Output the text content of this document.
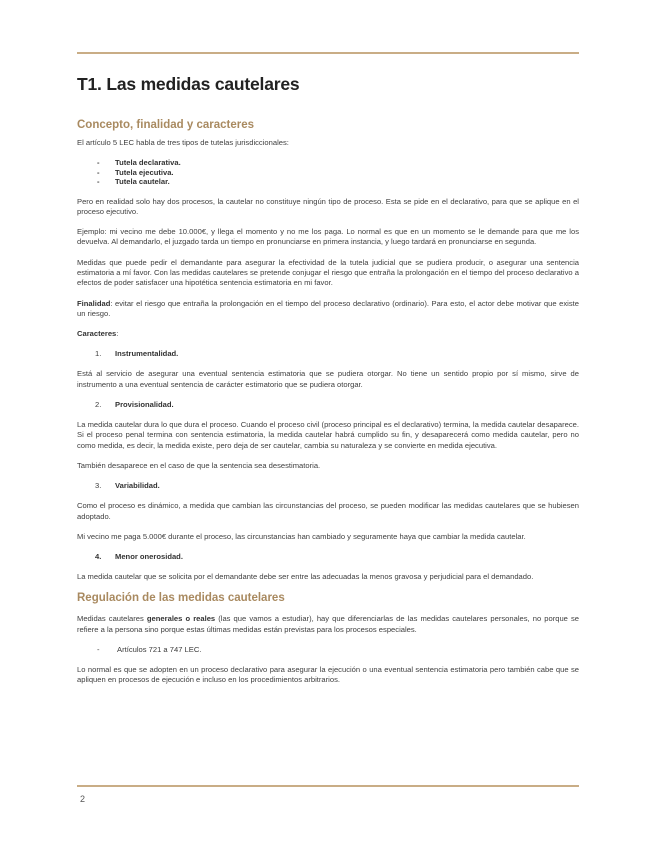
T1. Las medidas cautelares
Concepto, finalidad y caracteres

El artículo 5 LEC habla de tres tipos de tutelas jurisdiccionales:

- Tutela declarativa.
- Tutela ejecutiva.
- Tutela cautelar.

Pero en realidad solo hay dos procesos, la cautelar no constituye ningún tipo de proceso. Esta se pide en el declarativo, para que se aplique en el proceso ejecutivo.

Ejemplo: mi vecino me debe 10.000€, y llega el momento y no me los paga. Lo normal es que en un momento se le demande para que me los devuelva. Al demandarlo, el juzgado tarda un tiempo en pronunciarse en primera instancia, y luego tardará en pronunciarse en segunda.

Medidas que puede pedir el demandante para asegurar la efectividad de la tutela judicial que se pudiera producir, o asegurar una sentencia estimatoria a mí favor. Con las medidas cautelares se pretende conjugar el riesgo que entraña la prolongación en el tiempo del proceso declarativo a efectos de poder satisfacer una hipotética sentencia estimatoria en mi favor.

Finalidad: evitar el riesgo que entraña la prolongación en el tiempo del proceso declarativo (ordinario). Para esto, el actor debe motivar que existe un riesgo.

Caracteres:

1.	Instrumentalidad.

Está al servicio de asegurar una eventual sentencia estimatoria que se pudiera otorgar. No tiene un sentido propio por sí mismo, sirve de instrumento a una eventual sentencia de carácter estimatorio que se pudiera otorgar.

2.	Provisionalidad.

La medida cautelar dura lo que dura el proceso. Cuando el proceso civil (proceso principal es el declarativo) termina, la medida cautelar desaparece. Si el proceso penal termina con sentencia estimatoria, la medida cautelar habrá cumplido su fin, y desaparecerá como medida cautelar, pero no como medida, es decir, la medida existe, pero deja de ser cautelar, cambia su naturaleza y se convierte en medida ejecutiva.

También desaparece en el caso de que la sentencia sea desestimatoria.

3.	Variabilidad.

Como el proceso es dinámico, a medida que cambian las circunstancias del proceso, se pueden modificar las medidas cautelares que se hubiesen adoptado.

Mi vecino me paga 5.000€ durante el proceso, las circunstancias han cambiado y seguramente haya que cambiar la medida cautelar.

4.	Menor onerosidad.

La medida cautelar que se solicita por el demandante debe ser entre las adecuadas la menos gravosa y perjudicial para el demandado.

Regulación de las medidas cautelares

Medidas cautelares generales o reales (las que vamos a estudiar), hay que diferenciarlas de las medidas cautelares personales, no porque se refiere a la persona sino porque estas últimas medidas están previstas para los procesos especiales.

-	Artículos 721 a 747 LEC.

Lo normal es que se adopten en un proceso declarativo para asegurar la ejecución o una eventual sentencia estimatoria pero también cabe que se apliquen en procesos de ejecución e incluso en los procedimientos arbitrarios.

2
